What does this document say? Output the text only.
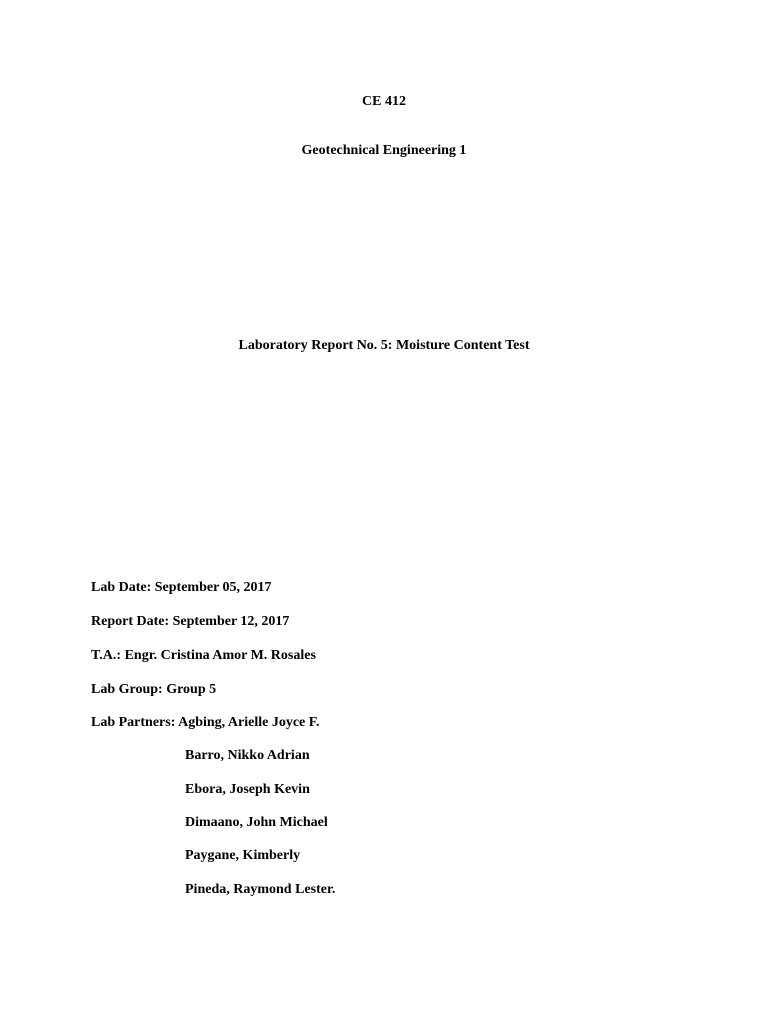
CE 412
Geotechnical Engineering 1
Laboratory Report No. 5: Moisture Content Test
Lab Date: September 05, 2017
Report Date: September 12, 2017
T.A.: Engr. Cristina Amor M. Rosales
Lab Group: Group 5
Lab Partners: Agbing, Arielle Joyce F.
Barro, Nikko Adrian
Ebora, Joseph Kevin
Dimaano, John Michael
Paygane, Kimberly
Pineda, Raymond Lester.
